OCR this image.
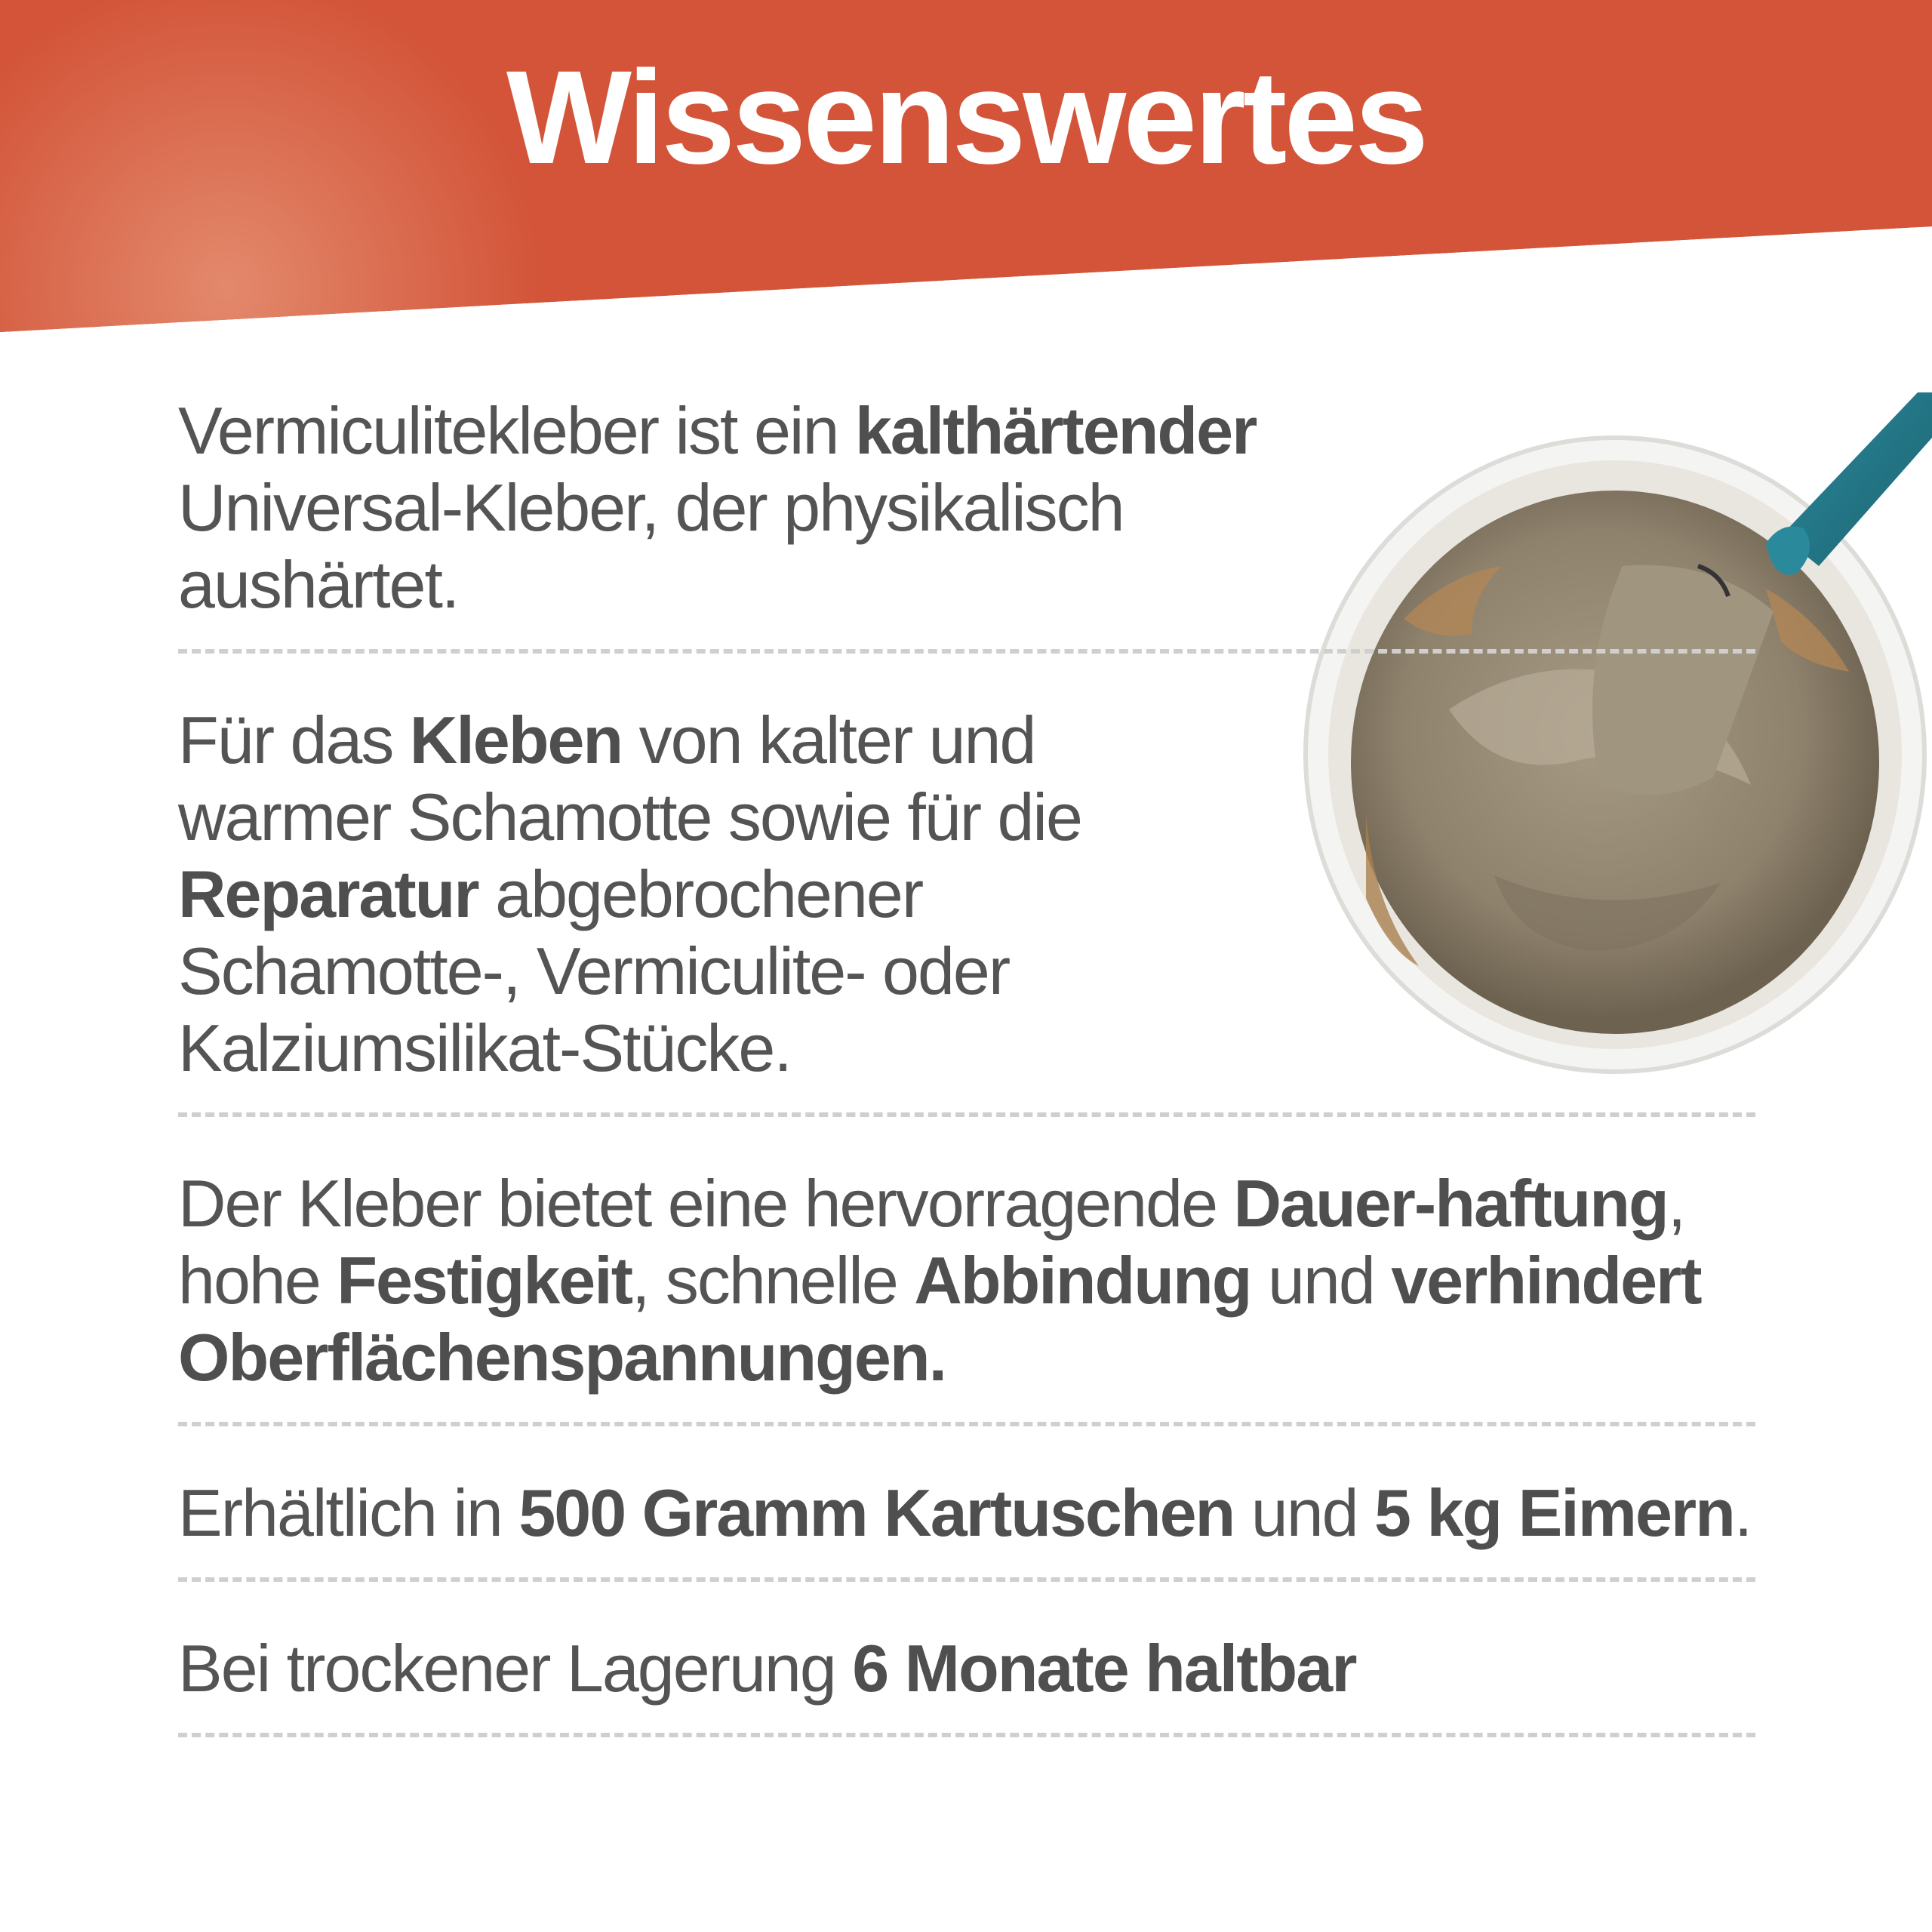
Wissenswertes
Vermiculitekleber ist ein kalthärtender Universal-Kleber, der physikalisch aushärtet.
Für das Kleben von kalter und warmer Schamotte sowie für die Reparatur abgebrochener Schamotte-, Vermiculite- oder Kalziumsilikat-Stücke.
Der Kleber bietet eine hervorragende Dauer-haftung, hohe Festigkeit, schnelle Abbindung und verhindert Oberflächenspannungen.
Erhältlich in 500 Gramm Kartuschen und 5 kg Eimern.
Bei trockener Lagerung 6 Monate haltbar
